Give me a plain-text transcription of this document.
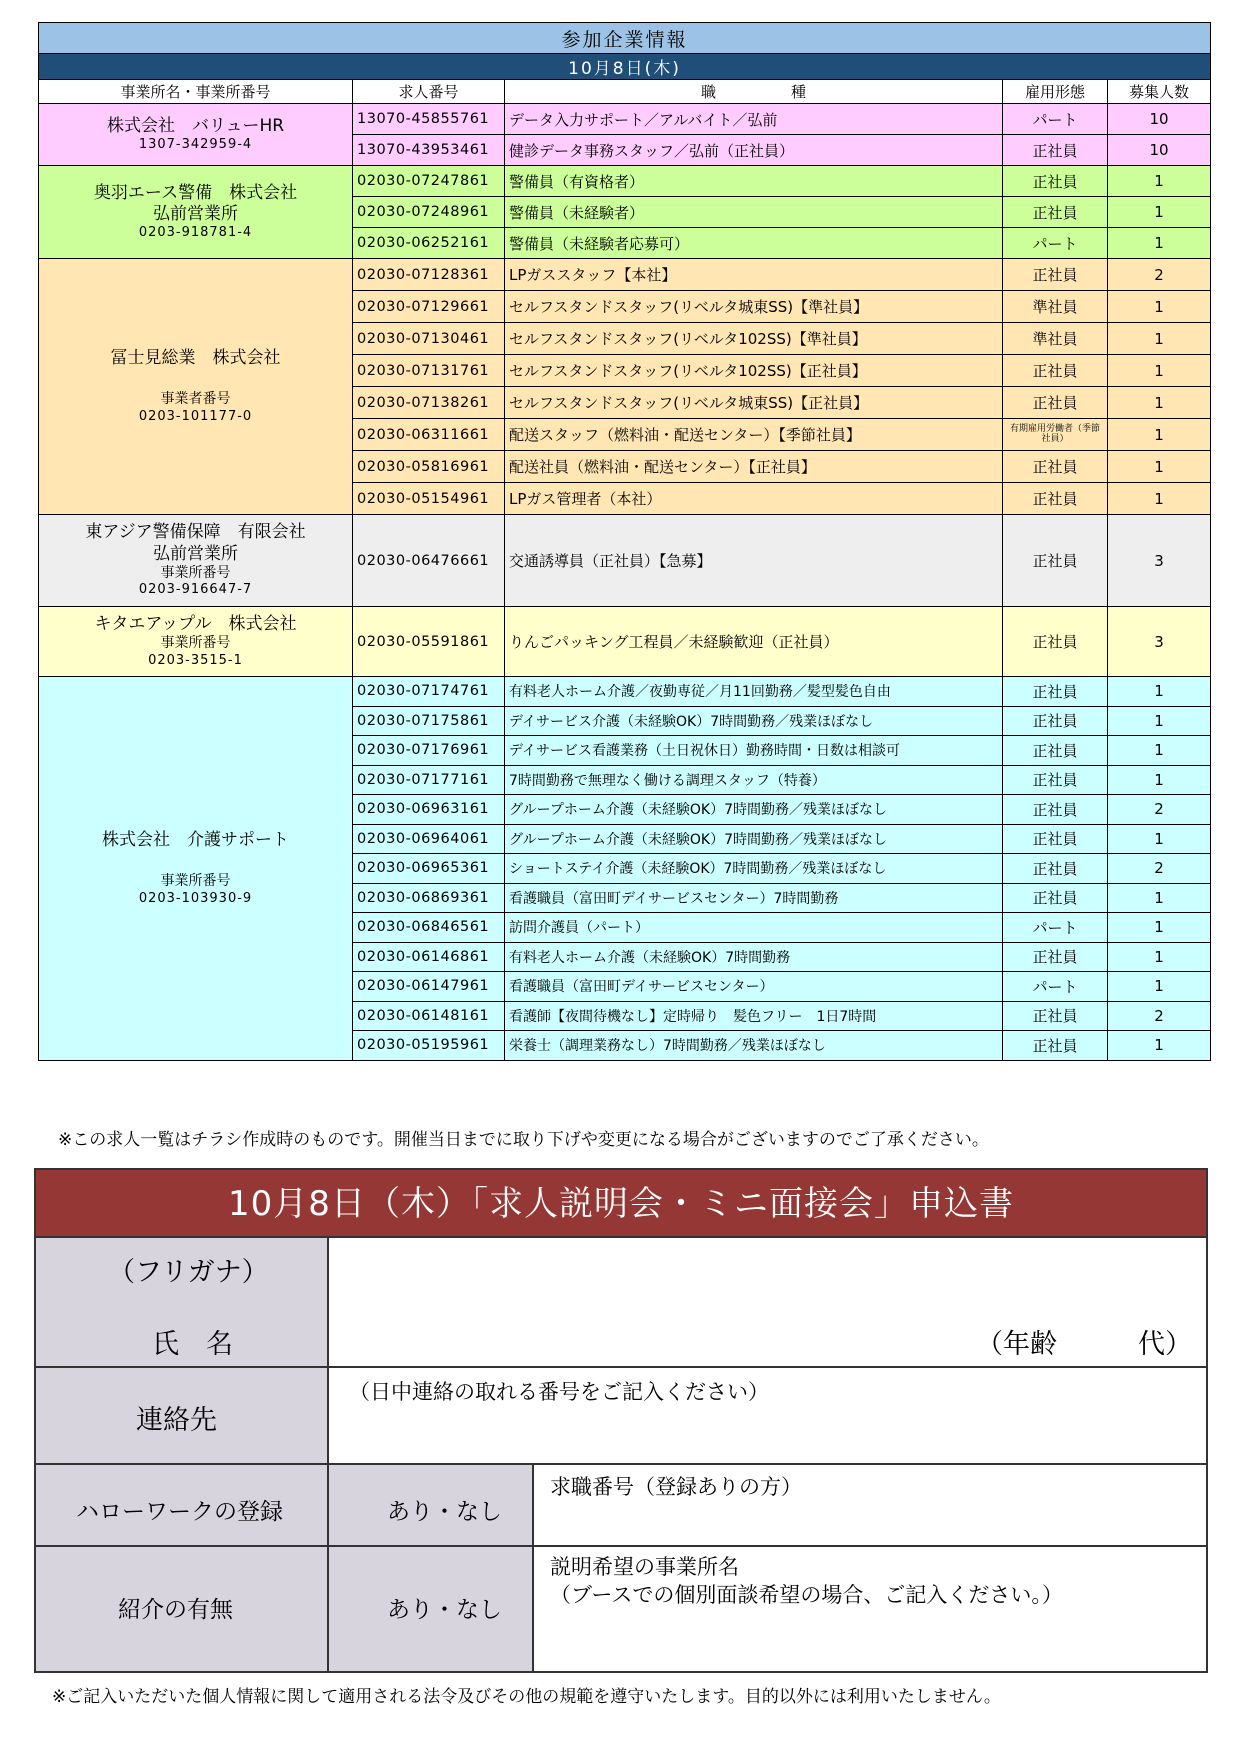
参加企業情報				
10月8日(木)				
事業所名・事業所番号	求人番号	職　　　　　種	雇用形態	募集人数

株式会社　バリューHR
1307-342959-4	13070-45855761	データ入力サポート／アルバイト／弘前	パート	10
	13070-43953461	健診データ事務スタッフ／弘前（正社員）	正社員	10

奥羽エース警備　株式会社
弘前営業所
0203-918781-4	02030-07247861	警備員（有資格者）	正社員	1
	02030-07248961	警備員（未経験者）	正社員	1
	02030-06252161	警備員（未経験者応募可）	パート	1

冨士見総業　株式会社
事業者番号
0203-101177-0	02030-07128361	LPガススタッフ【本社】	正社員	2
	02030-07129661	セルフスタンドスタッフ(リベルタ城東SS)【準社員】	準社員	1
	02030-07130461	セルフスタンドスタッフ(リベルタ102SS)【準社員】	準社員	1
	02030-07131761	セルフスタンドスタッフ(リベルタ102SS)【正社員】	正社員	1
	02030-07138261	セルフスタンドスタッフ(リベルタ城東SS)【正社員】	正社員	1
	02030-06311661	配送スタッフ（燃料油・配送センター）【季節社員】	有期雇用労働者（季節社員）	1
	02030-05816961	配送社員（燃料油・配送センター）【正社員】	正社員	1
	02030-05154961	LPガス管理者（本社）	正社員	1

東アジア警備保障　有限会社
弘前営業所
事業所番号
0203-916647-7	02030-06476661	交通誘導員（正社員）【急募】	正社員	3

キタエアップル　株式会社
事業所番号
0203-3515-1	02030-05591861	りんごパッキング工程員／未経験歓迎（正社員）	正社員	3

株式会社　介護サポート
事業所番号
0203-103930-9	02030-07174761	有料老人ホーム介護／夜勤専従／月11回勤務／髪型髪色自由	正社員	1
	02030-07175861	デイサービス介護（未経験OK）7時間勤務／残業ほぼなし	正社員	1
	02030-07176961	デイサービス看護業務（土日祝休日）勤務時間・日数は相談可	正社員	1
	02030-07177161	7時間勤務で無理なく働ける調理スタッフ（特養）	正社員	1
	02030-06963161	グループホーム介護（未経験OK）7時間勤務／残業ほぼなし	正社員	2
	02030-06964061	グループホーム介護（未経験OK）7時間勤務／残業ほぼなし	正社員	1
	02030-06965361	ショートステイ介護（未経験OK）7時間勤務／残業ほぼなし	正社員	2
	02030-06869361	看護職員（富田町デイサービスセンター）7時間勤務	正社員	1
	02030-06846561	訪問介護員（パート）	パート	1
	02030-06146861	有料老人ホーム介護（未経験OK）7時間勤務	正社員	1
	02030-06147961	看護職員（富田町デイサービスセンター）	パート	1
	02030-06148161	看護師【夜間待機なし】定時帰り　髪色フリー　1日7時間	正社員	2
	02030-05195961	栄養士（調理業務なし）7時間勤務／残業ほぼなし	正社員	1
※この求人一覧はチラシ作成時のものです。開催当日までに取り下げや変更になる場合がございますのでご了承ください。
10月8日（木）「求人説明会・ミニ面接会」申込書
（フリガナ）
氏　名	（年齢　　　代）
連絡先
（日中連絡の取れる番号をご記入ください）
ハローワークの登録	あり・なし
求職番号（登録ありの方）
紹介の有無	あり・なし
説明希望の事業所名
（ブースでの個別面談希望の場合、ご記入ください。）
※ご記入いただいた個人情報に関して適用される法令及びその他の規範を遵守いたします。目的以外には利用いたしません。
